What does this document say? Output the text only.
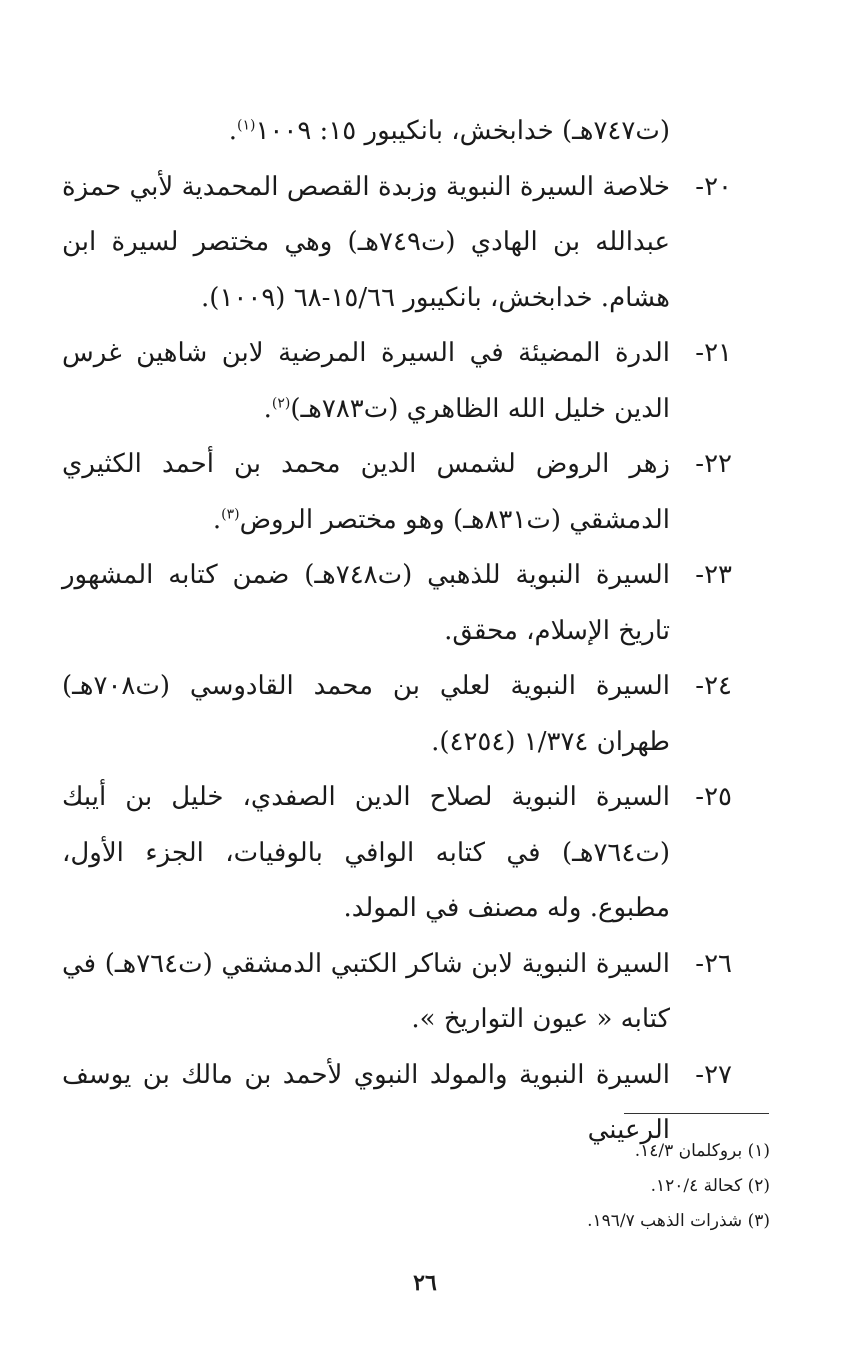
(ت٧٤٧هـ) خدابخش، بانكيبور ١٥: ١٠٠٩$^{(١)}$.
٢٠-
خلاصة السيرة النبوية وزبدة القصص المحمدية لأبي حمزة عبدالله بن الهادي (ت٧٤٩هـ) وهي مختصر لسيرة ابن هشام. خدابخش، بانكيبور ١٥/٦٦-٦٨ (١٠٠٩).
٢١-
الدرة المضيئة في السيرة المرضية لابن شاهين غرس الدين خليل الله الظاهري (ت٧٨٣هـ)$^{(٢)}$.
٢٢-
زهر الروض لشمس الدين محمد بن أحمد الكثيري الدمشقي (ت٨٣١هـ) وهو مختصر الروض$^{(٣)}$.
٢٣-
السيرة النبوية للذهبي (ت٧٤٨هـ) ضمن كتابه المشهور تاريخ الإسلام، محقق.
٢٤-
السيرة النبوية لعلي بن محمد القادوسي (ت٧٠٨هـ) طهران ١/٣٧٤ (٤٢٥٤).
٢٥-
السيرة النبوية لصلاح الدين الصفدي، خليل بن أيبك (ت٧٦٤هـ) في كتابه الوافي بالوفيات، الجزء الأول، مطبوع. وله مصنف في المولد.
٢٦-
السيرة النبوية لابن شاكر الكتبي الدمشقي (ت٧٦٤هـ) في كتابه « عيون التواريخ ».
٢٧-
السيرة النبوية والمولد النبوي لأحمد بن مالك بن يوسف الرعيني
(١) بروكلمان ١٤/٣.
(٢) كحالة ١٢٠/٤.
(٣) شذرات الذهب ١٩٦/٧.
٢٦
